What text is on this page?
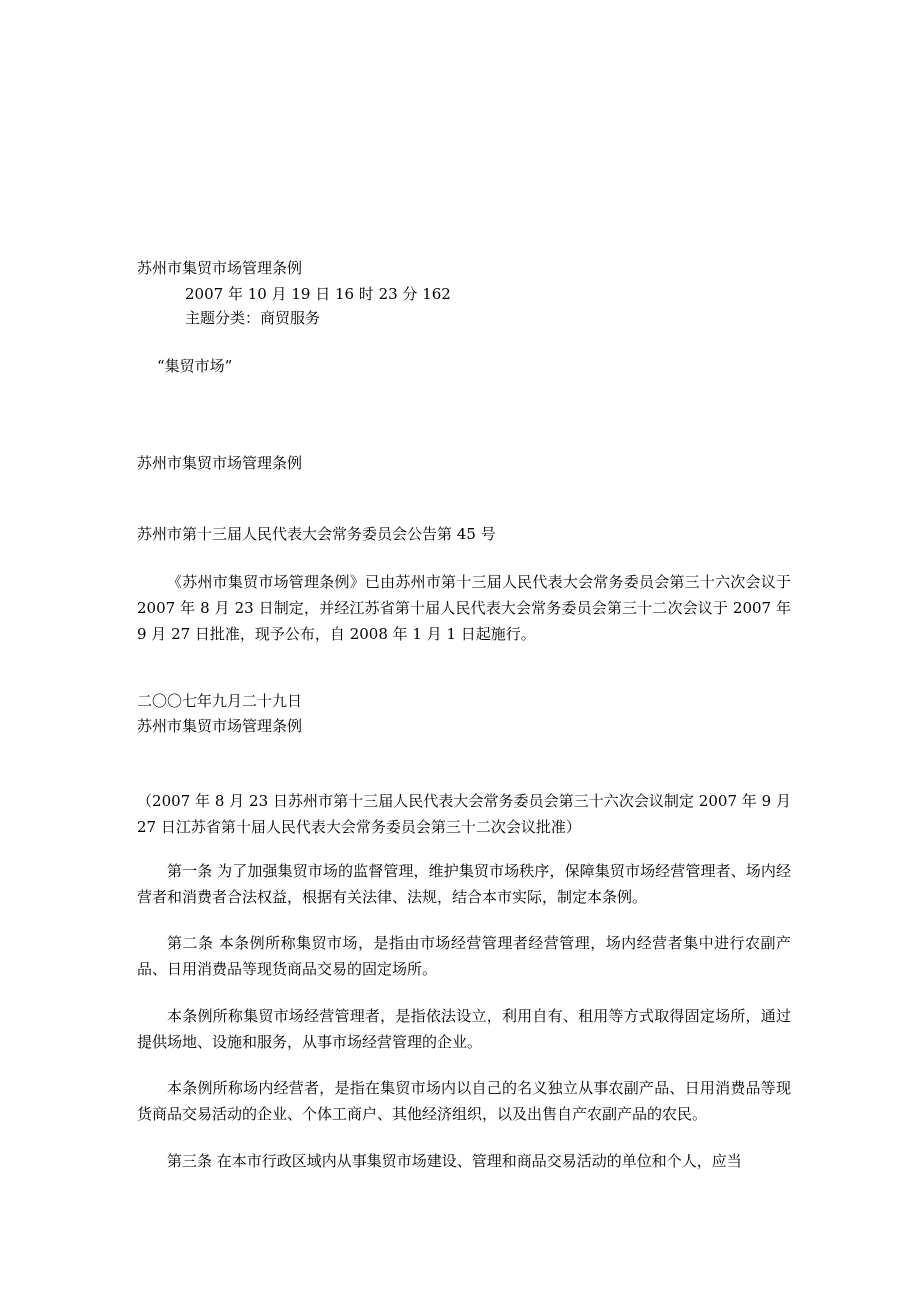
苏州市集贸市场管理条例
2007 年 10 月 19 日 16 时 23 分 162
主题分类：商贸服务
“集贸市场”
苏州市集贸市场管理条例
苏州市第十三届人民代表大会常务委员会公告第 45 号
《苏州市集贸市场管理条例》已由苏州市第十三届人民代表大会常务委员会第三十六次会议于 2007 年 8 月 23 日制定，并经江苏省第十届人民代表大会常务委员会第三十二次会议于 2007 年 9 月 27 日批准，现予公布，自 2008 年 1 月 1 日起施行。
二〇〇七年九月二十九日
苏州市集贸市场管理条例
（2007 年 8 月 23 日苏州市第十三届人民代表大会常务委员会第三十六次会议制定 2007 年 9 月 27 日江苏省第十届人民代表大会常务委员会第三十二次会议批准）
第一条 为了加强集贸市场的监督管理，维护集贸市场秩序，保障集贸市场经营管理者、场内经营者和消费者合法权益，根据有关法律、法规，结合本市实际，制定本条例。
第二条 本条例所称集贸市场，是指由市场经营管理者经营管理，场内经营者集中进行农副产品、日用消费品等现货商品交易的固定场所。
本条例所称集贸市场经营管理者，是指依法设立，利用自有、租用等方式取得固定场所，通过提供场地、设施和服务，从事市场经营管理的企业。
本条例所称场内经营者，是指在集贸市场内以自己的名义独立从事农副产品、日用消费品等现货商品交易活动的企业、个体工商户、其他经济组织，以及出售自产农副产品的农民。
第三条 在本市行政区域内从事集贸市场建设、管理和商品交易活动的单位和个人，应当
